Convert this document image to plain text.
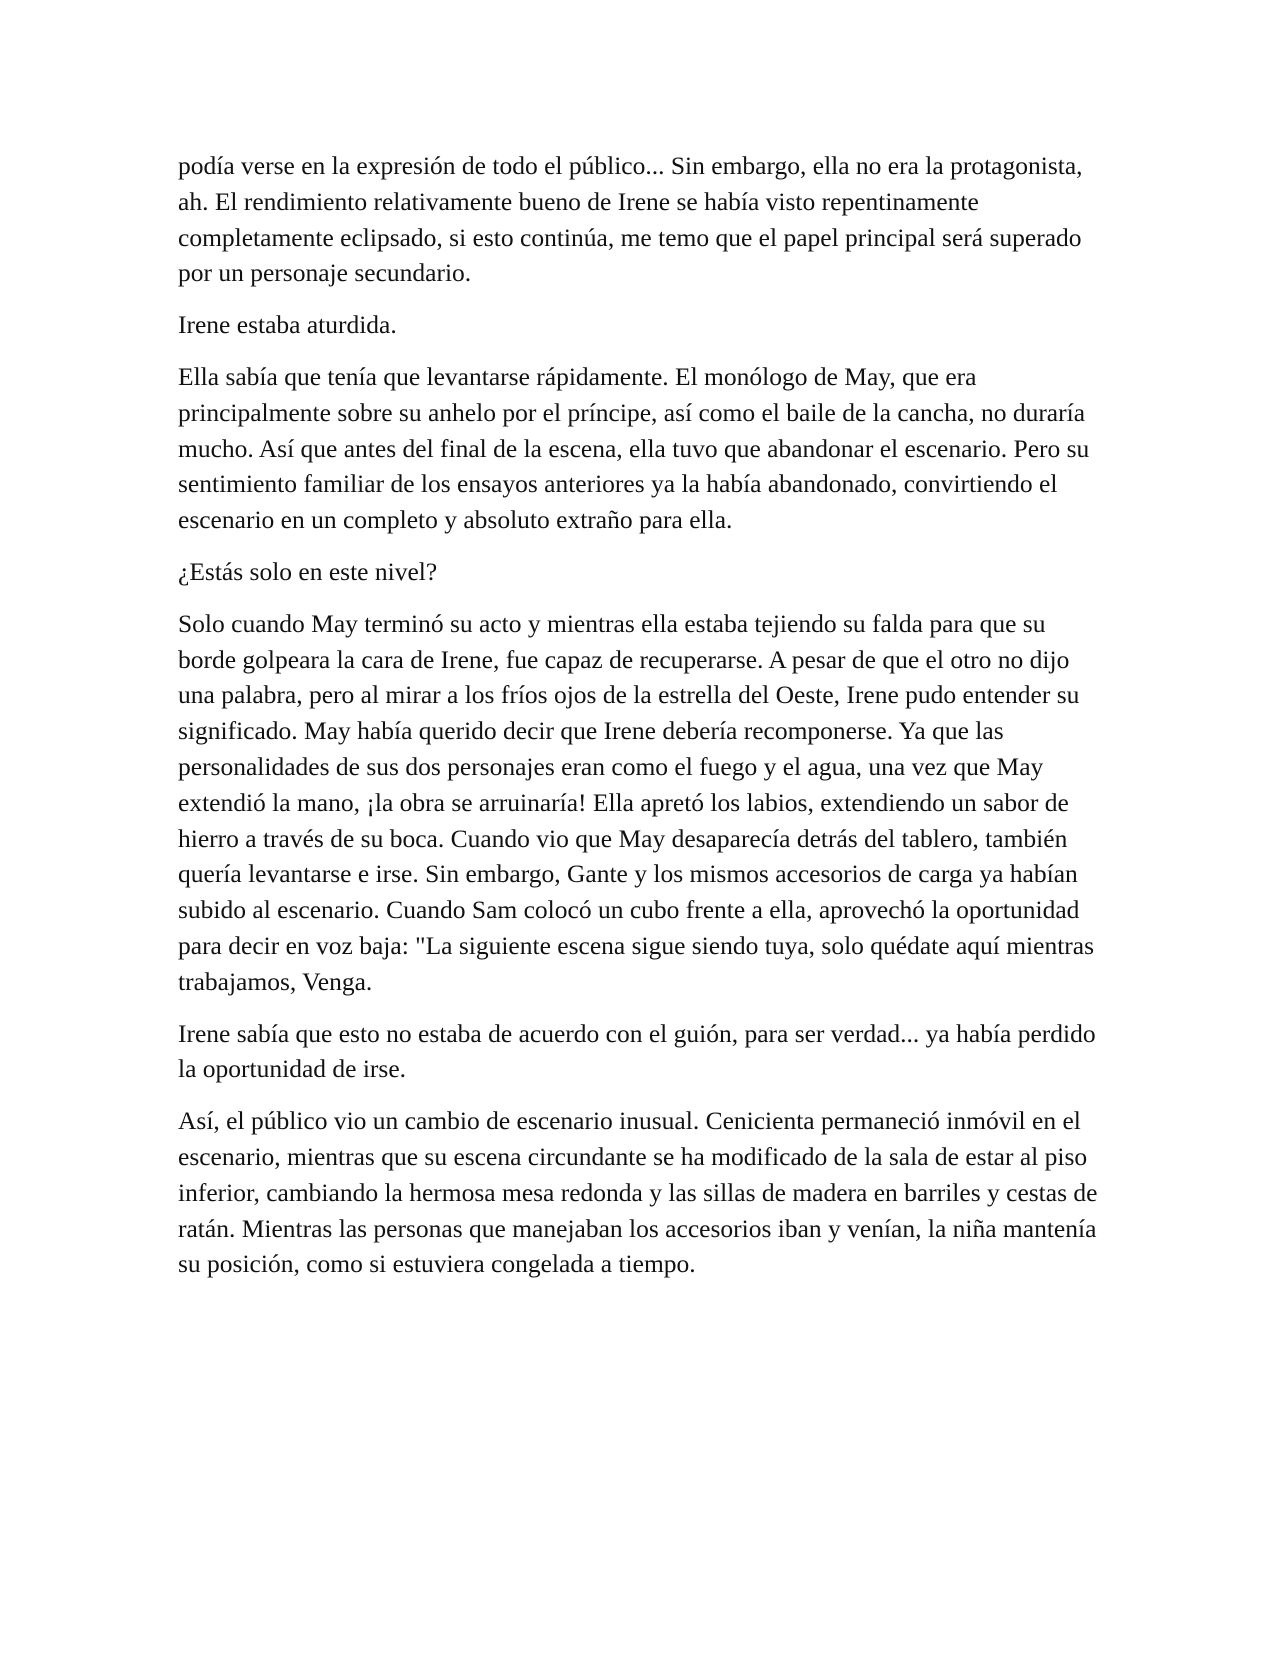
podía verse en la expresión de todo el público... Sin embargo, ella no era la protagonista, ah. El rendimiento relativamente bueno de Irene se había visto repentinamente completamente eclipsado, si esto continúa, me temo que el papel principal será superado por un personaje secundario.

Irene estaba aturdida.

Ella sabía que tenía que levantarse rápidamente. El monólogo de May, que era principalmente sobre su anhelo por el príncipe, así como el baile de la cancha, no duraría mucho. Así que antes del final de la escena, ella tuvo que abandonar el escenario. Pero su sentimiento familiar de los ensayos anteriores ya la había abandonado, convirtiendo el escenario en un completo y absoluto extraño para ella.

¿Estás solo en este nivel?

Solo cuando May terminó su acto y mientras ella estaba tejiendo su falda para que su borde golpeara la cara de Irene, fue capaz de recuperarse. A pesar de que el otro no dijo una palabra, pero al mirar a los fríos ojos de la estrella del Oeste, Irene pudo entender su significado. May había querido decir que Irene debería recomponerse. Ya que las personalidades de sus dos personajes eran como el fuego y el agua, una vez que May extendió la mano, ¡la obra se arruinaría! Ella apretó los labios, extendiendo un sabor de hierro a través de su boca. Cuando vio que May desaparecía detrás del tablero, también quería levantarse e irse. Sin embargo, Gante y los mismos accesorios de carga ya habían subido al escenario. Cuando Sam colocó un cubo frente a ella, aprovechó la oportunidad para decir en voz baja: "La siguiente escena sigue siendo tuya, solo quédate aquí mientras trabajamos, Venga.

Irene sabía que esto no estaba de acuerdo con el guión, para ser verdad... ya había perdido la oportunidad de irse.

Así, el público vio un cambio de escenario inusual. Cenicienta permaneció inmóvil en el escenario, mientras que su escena circundante se ha modificado de la sala de estar al piso inferior, cambiando la hermosa mesa redonda y las sillas de madera en barriles y cestas de ratán. Mientras las personas que manejaban los accesorios iban y venían, la niña mantenía su posición, como si estuviera congelada a tiempo.
